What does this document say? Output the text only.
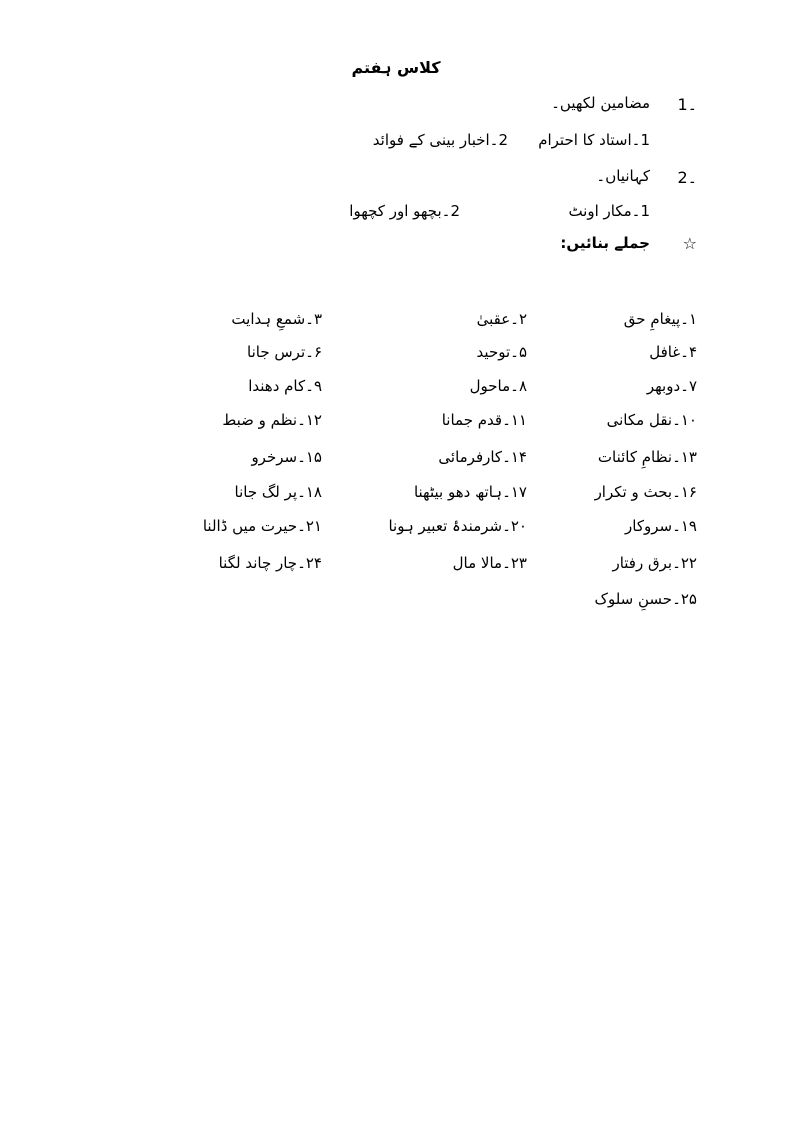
کلاس ہفتم
1۔
مضامین لکھیں۔
1۔استاد کا احترام
2۔اخبار بینی کے فوائد
2۔
کہانیاں۔
1۔مکار اونٹ
2۔بچھو اور کچھوا
☆
جملے بنائیں:
۱۔پیغامِ حق
۲۔عقبیٰ
۳۔شمعِ ہدایت
۴۔غافل
۵۔توحید
۶۔ترس جانا
۷۔دوبھر
۸۔ماحول
۹۔کام دھندا
۱۰۔نقل مکانی
۱۱۔قدم جمانا
۱۲۔نظم و ضبط
۱۳۔نظامِ کائنات
۱۴۔کارفرمائی
۱۵۔سرخرو
۱۶۔بحث و تکرار
۱۷۔ہاتھ دھو بیٹھنا
۱۸۔پر لگ جانا
۱۹۔سروکار
۲۰۔شرمندۂ تعبیر ہونا
۲۱۔حیرت میں ڈالنا
۲۲۔برق رفتار
۲۳۔مالا مال
۲۴۔چار چاند لگنا
۲۵۔حسنِ سلوک
